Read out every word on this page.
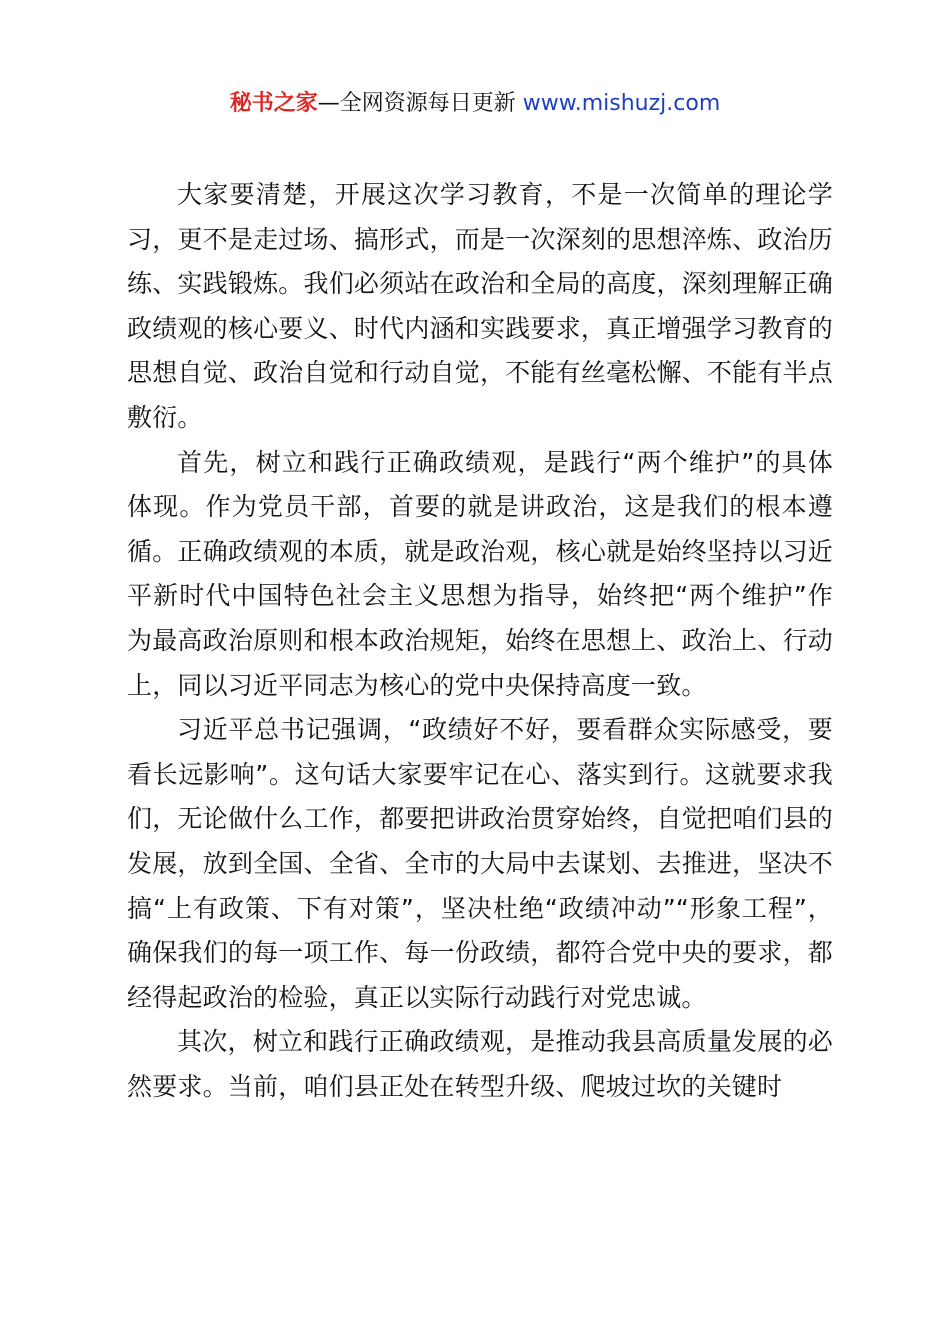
秘书之家—全网资源每日更新 www.mishuzj.com

大家要清楚，开展这次学习教育，不是一次简单的理论学习，更不是走过场、搞形式，而是一次深刻的思想淬炼、政治历练、实践锻炼。我们必须站在政治和全局的高度，深刻理解正确政绩观的核心要义、时代内涵和实践要求，真正增强学习教育的思想自觉、政治自觉和行动自觉，不能有丝毫松懈、不能有半点敷衍。

首先，树立和践行正确政绩观，是践行“两个维护”的具体体现。作为党员干部，首要的就是讲政治，这是我们的根本遵循。正确政绩观的本质，就是政治观，核心就是始终坚持以习近平新时代中国特色社会主义思想为指导，始终把“两个维护”作为最高政治原则和根本政治规矩，始终在思想上、政治上、行动上，同以习近平同志为核心的党中央保持高度一致。

习近平总书记强调，“政绩好不好，要看群众实际感受，要看长远影响”。这句话大家要牢记在心、落实到行。这就要求我们，无论做什么工作，都要把讲政治贯穿始终，自觉把咱们县的发展，放到全国、全省、全市的大局中去谋划、去推进，坚决不搞“上有政策、下有对策”，坚决杜绝“政绩冲动”“形象工程”，确保我们的每一项工作、每一份政绩，都符合党中央的要求，都经得起政治的检验，真正以实际行动践行对党忠诚。

其次，树立和践行正确政绩观，是推动我县高质量发展的必然要求。当前，咱们县正处在转型升级、爬坡过坎的关键时
